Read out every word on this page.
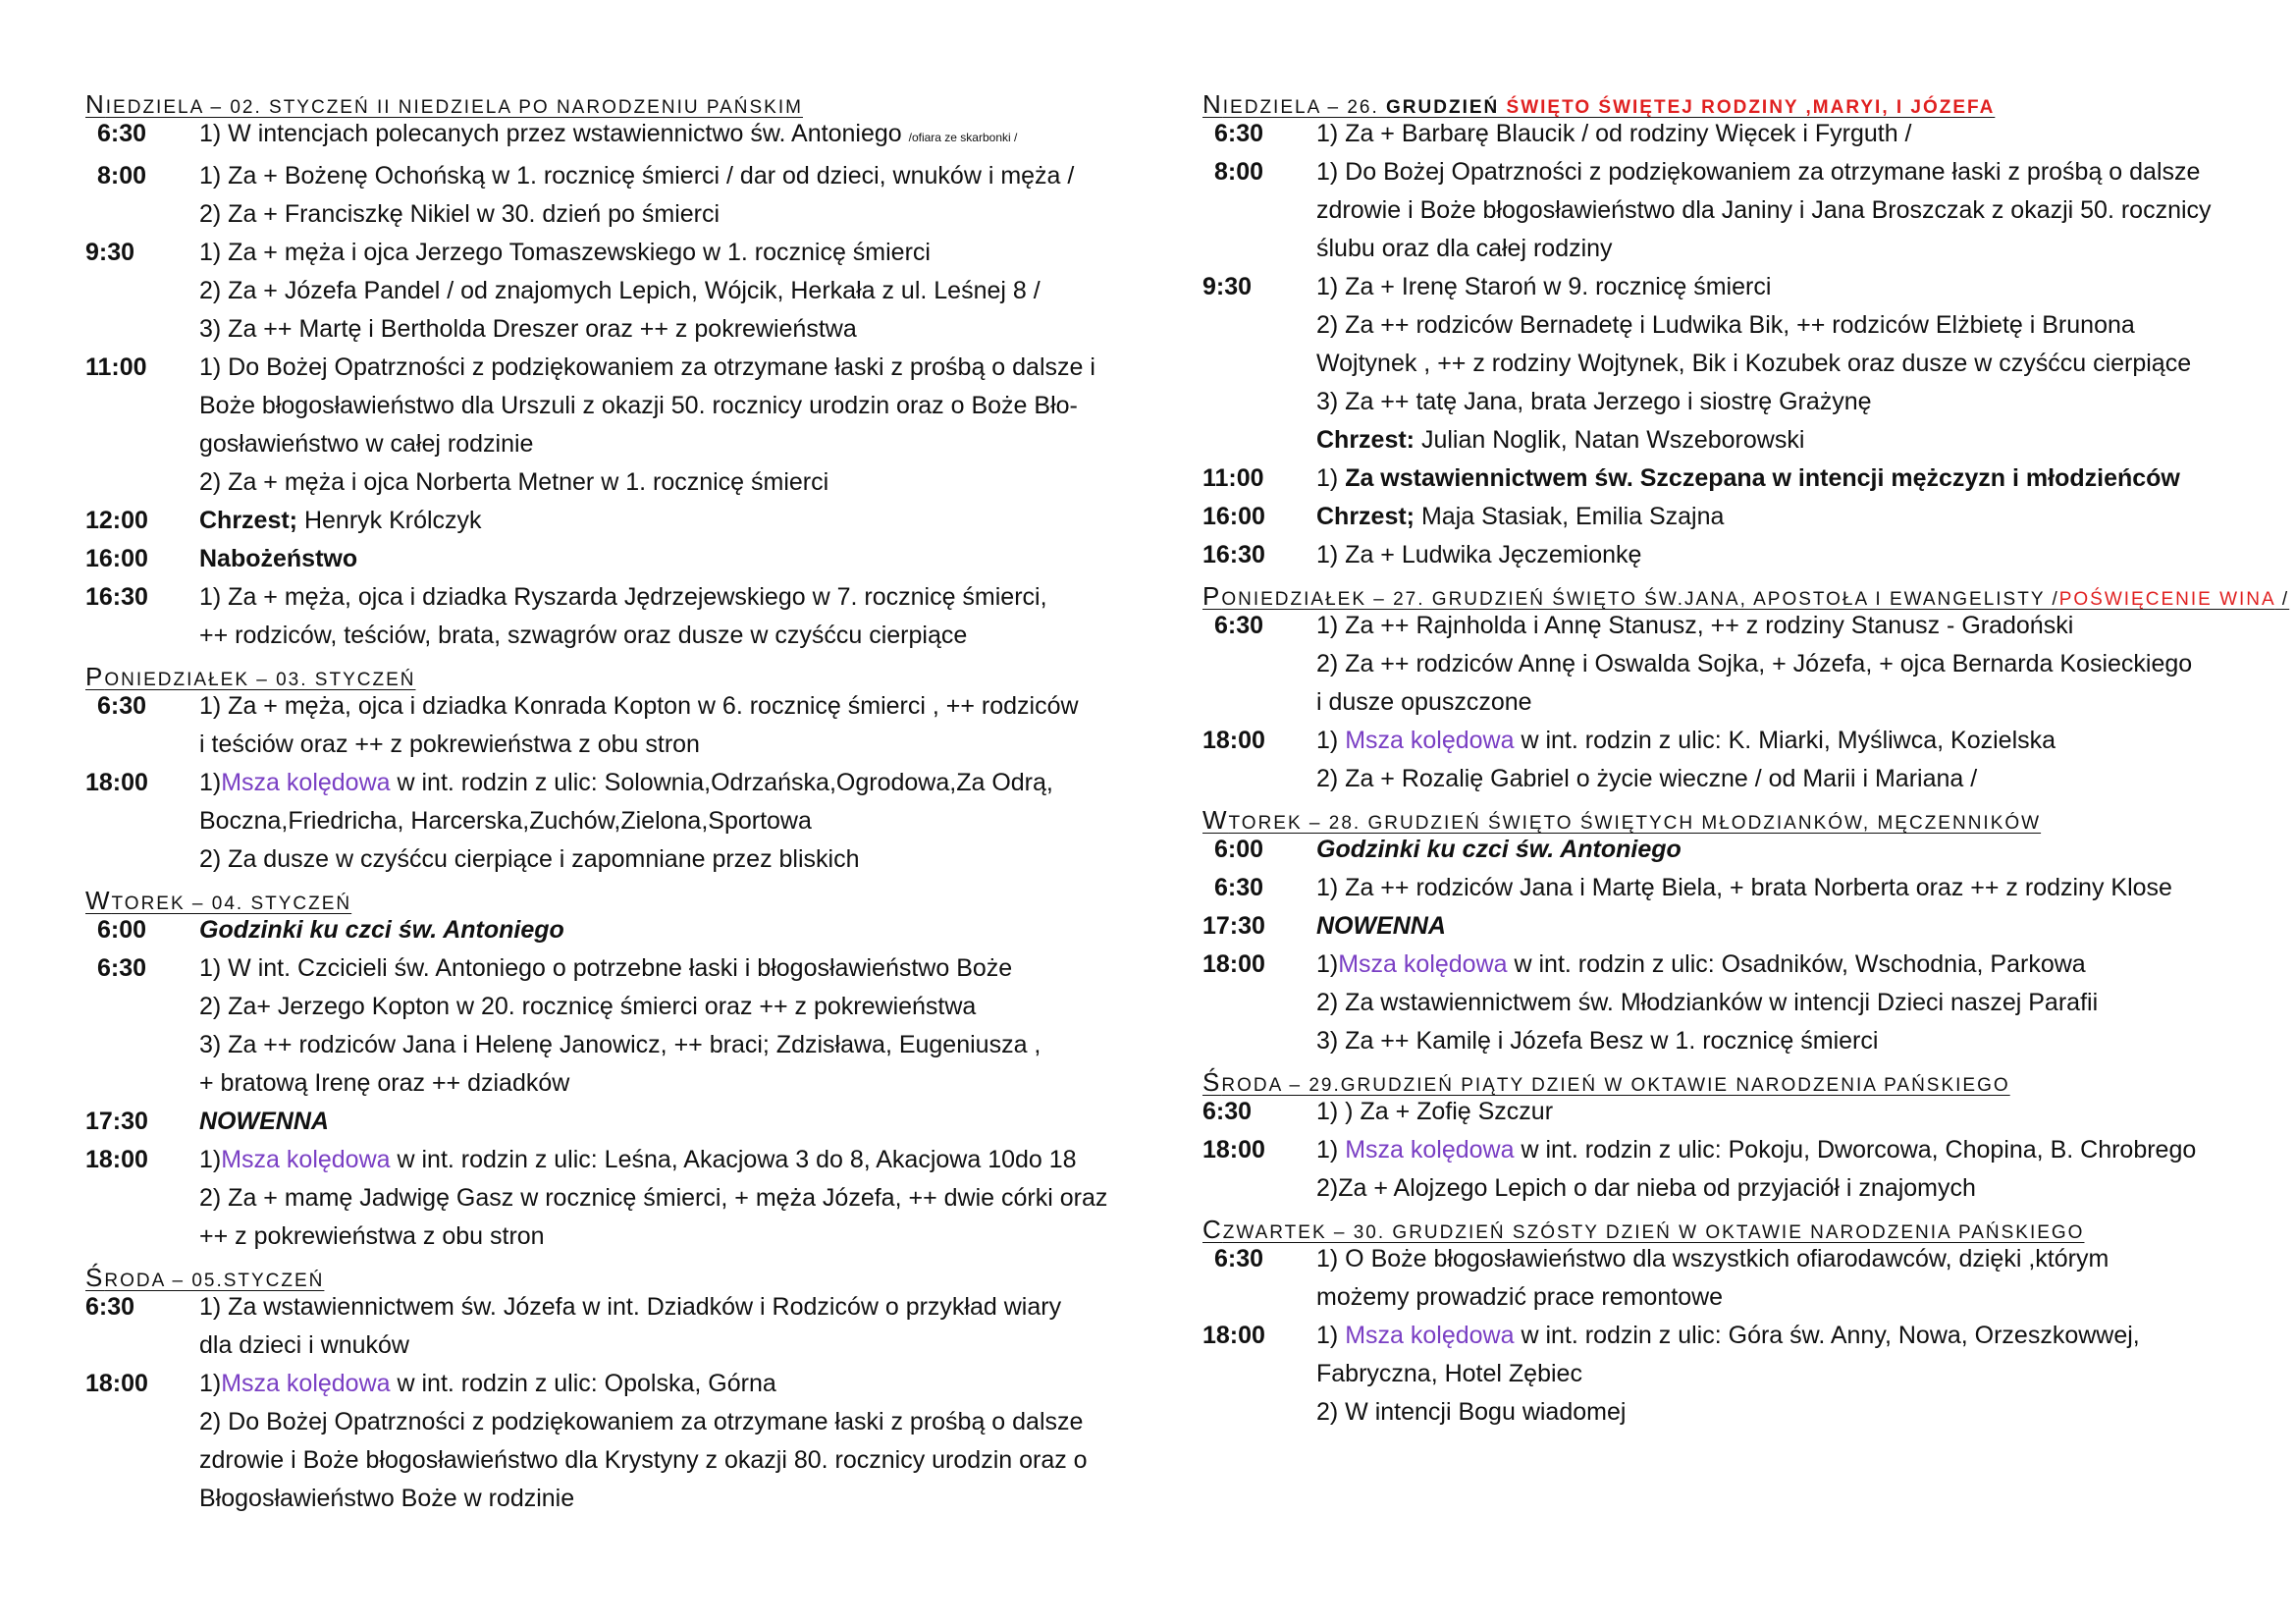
NIEDZIELA – 02. STYCZEŃ II NIEDZIELA PO NARODZENIU PAŃSKIM
6:30	1) W intencjach polecanych przez wstawiennictwo św. Antoniego /ofiara ze skarbonki /
8:00	1) Za + Bożenę Ochońską w 1. rocznicę śmierci / dar od dzieci, wnuków i męża /
2) Za + Franciszkę Nikiel w 30. dzień po śmierci
9:30	1) Za + męża i ojca Jerzego Tomaszewskiego w 1. rocznicę śmierci
2) Za + Józefa Pandel / od znajomych Lepich, Wójcik, Herkała z ul. Leśnej 8 /
3) Za ++ Martę i Bertholda Dreszer oraz ++ z pokrewieństwa
11:00	1) Do Bożej Opatrzności z podziękowaniem za otrzymane łaski z prośbą o dalsze i
Boże błogosławieństwo dla Urszuli z okazji 50. rocznicy urodzin oraz o Boże Bło-
gosławieństwo w całej rodzinie
2) Za + męża i ojca Norberta Metner w 1. rocznicę śmierci
12:00	Chrzest; Henryk Królczyk
16:00	Nabożeństwo
16:30	1) Za + męża, ojca i dziadka Ryszarda Jędrzejewskiego w 7. rocznicę śmierci,
++ rodziców, teściów, brata, szwagrów oraz dusze w czyśćcu cierpiące
PONIEDZIAŁEK – 03. STYCZEŃ
6:30	1) Za + męża, ojca i dziadka Konrada Kopton w 6. rocznicę śmierci , ++ rodziców
i teściów oraz ++ z pokrewieństwa z obu stron
18:00	1)Msza kolędowa w int. rodzin z ulic: Solownia,Odrzańska,Ogrodowa,Za Odrą,
Boczna,Friedricha, Harcerska,Zuchów,Zielona,Sportowa
2) Za dusze w czyśćcu cierpiące i zapomniane przez bliskich
WTOREK – 04. STYCZEŃ
6:00	Godzinki ku czci św. Antoniego
6:30	1) W int. Czcicieli św. Antoniego o potrzebne łaski i błogosławieństwo Boże
2) Za+ Jerzego Kopton w 20. rocznicę śmierci oraz ++ z pokrewieństwa
3) Za ++ rodziców Jana i Helenę Janowicz, ++ braci; Zdzisława, Eugeniusza ,
+ bratową Irenę oraz ++ dziadków
17:30	NOWENNA
18:00	1)Msza kolędowa w int. rodzin z ulic: Leśna, Akacjowa 3 do 8, Akacjowa 10do 18
2) Za + mamę Jadwigę Gasz w rocznicę śmierci, + męża Józefa, ++ dwie córki oraz
++ z pokrewieństwa z obu stron
ŚRODA – 05.STYCZEŃ
6:30	1) Za wstawiennictwem św. Józefa w int. Dziadków i Rodziców o przykład wiary
dla dzieci i wnuków
18:00	1)Msza kolędowa w int. rodzin z ulic: Opolska, Górna
2) Do Bożej Opatrzności z podziękowaniem za otrzymane łaski z prośbą o dalsze
zdrowie i Boże błogosławieństwo dla Krystyny z okazji 80. rocznicy urodzin oraz o
Błogosławieństwo Boże w rodzinie
NIEDZIELA – 26. GRUDZIEŃ ŚWIĘTO ŚWIĘTEJ RODZINY ,MARYI, I JÓZEFA
6:30	1) Za + Barbarę Blaucik / od rodziny Więcek i Fyrguth /
8:00	1) Do Bożej Opatrzności z podziękowaniem za otrzymane łaski z prośbą o dalsze
zdrowie i Boże błogosławieństwo dla Janiny i Jana Broszczak z okazji 50. rocznicy
ślubu oraz dla całej rodziny
9:30	1) Za + Irenę Staroń w 9. rocznicę śmierci
2) Za ++ rodziców Bernadetę i Ludwika Bik, ++ rodziców Elżbietę i Brunona
Wojtynek , ++ z rodziny Wojtynek, Bik i Kozubek oraz dusze w czyśćcu cierpiące
3) Za ++ tatę Jana, brata Jerzego i siostrę Grażynę
Chrzest: Julian Noglik, Natan Wszeborowski
11:00	1) Za wstawiennictwem św. Szczepana w intencji mężczyzn i młodzieńców
16:00	Chrzest; Maja Stasiak, Emilia Szajna
16:30	1) Za + Ludwika Jęczemionkę
PONIEDZIAŁEK – 27. GRUDZIEŃ ŚWIĘTO ŚW.JANA, APOSTOŁA I EWANGELISTY /POŚWIĘCENIE WINA /
6:30	1) Za ++ Rajnholda i Annę Stanusz, ++ z rodziny Stanusz - Gradoński
2) Za ++ rodziców Annę i Oswalda Sojka, + Józefa, + ojca Bernarda Kosieckiego
i dusze opuszczone
18:00	1) Msza kolędowa w int. rodzin z ulic: K. Miarki, Myśliwca, Kozielska
2) Za + Rozalię Gabriel o życie wieczne / od Marii i Mariana /
WTOREK – 28. GRUDZIEŃ ŚWIĘTO ŚWIĘTYCH MŁODZIANKÓW, MĘCZENNIKÓW
6:00	Godzinki ku czci św. Antoniego
6:30	1) Za ++ rodziców Jana i Martę Biela, + brata Norberta oraz ++ z rodziny Klose
17:30	NOWENNA
18:00	1)Msza kolędowa w int. rodzin z ulic: Osadników, Wschodnia, Parkowa
2) Za wstawiennictwem św. Młodzianków w intencji Dzieci naszej Parafii
3) Za ++ Kamilę i Józefa Besz w 1. rocznicę śmierci
ŚRODA – 29.GRUDZIEŃ PIĄTY DZIEŃ W OKTAWIE NARODZENIA PAŃSKIEGO
6:30	1) ) Za + Zofię Szczur
18:00	1) Msza kolędowa w int. rodzin z ulic: Pokoju, Dworcowa, Chopina, B. Chrobrego
2)Za + Alojzego Lepich o dar nieba od przyjaciół i znajomych
CZWARTEK – 30. GRUDZIEŃ SZÓSTY DZIEŃ W OKTAWIE NARODZENIA PAŃSKIEGO
6:30	1) O Boże błogosławieństwo dla wszystkich ofiarodawców, dzięki ,którym
możemy prowadzić prace remontowe
18:00	1) Msza kolędowa w int. rodzin z ulic: Góra św. Anny, Nowa, Orzeszkowwej,
Fabryczna, Hotel Zębiec
2) W intencji Bogu wiadomej
